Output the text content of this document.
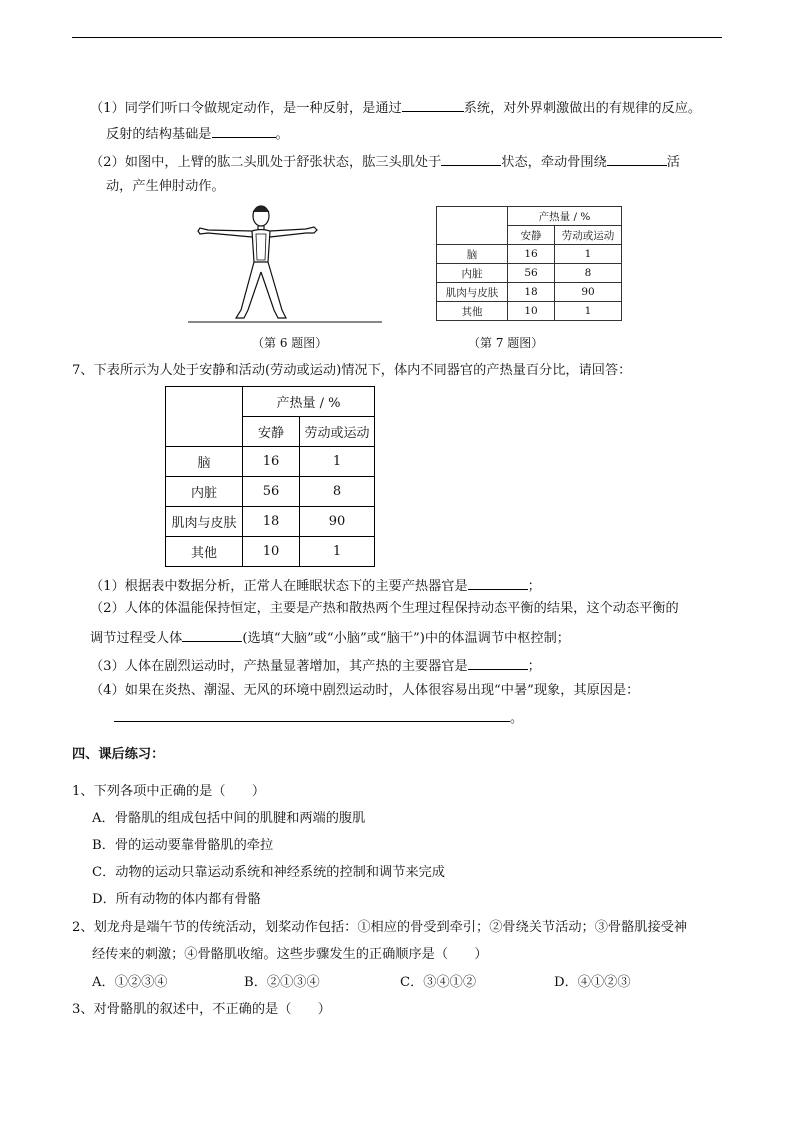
（1）同学们听口令做规定动作，是一种反射，是通过	系统，对外界刺激做出的有规律的反应。
反射的结构基础是	。
（2）如图中，上臂的肱二头肌处于舒张状态，肱三头肌处于	状态，牵动骨围绕	活
动，产生伸肘动作。
（第 6 题图）
	产热量 / %	
	安静	劳动或运动
脑	16	1
内脏	56	8
肌肉与皮肤	18	90
其他	10	1
（第 7 题图）
7、下表所示为人处于安静和活动(劳动或运动)情况下，体内不同器官的产热量百分比，请回答：
	产热量 / %	
	安静	劳动或运动
脑	16	1
内脏	56	8
肌肉与皮肤	18	90
其他	10	1
（1）根据表中数据分析，正常人在睡眠状态下的主要产热器官是	；
（2）人体的体温能保持恒定，主要是产热和散热两个生理过程保持动态平衡的结果，这个动态平衡的
调节过程受人体	(选填“大脑”或“小脑”或“脑干”)中的体温调节中枢控制；
（3）人体在剧烈运动时，产热量显著增加，其产热的主要器官是	；
（4）如果在炎热、潮湿、无风的环境中剧烈运动时，人体很容易出现“中暑”现象，其原因是：
。
四、课后练习：
1、下列各项中正确的是（　　）
A．骨骼肌的组成包括中间的肌腱和两端的腹肌
B．骨的运动要靠骨骼肌的牵拉
C．动物的运动只靠运动系统和神经系统的控制和调节来完成
D．所有动物的体内都有骨骼
2、划龙舟是端午节的传统活动，划桨动作包括：①相应的骨受到牵引；②骨绕关节活动；③骨骼肌接受神
经传来的刺激；④骨骼肌收缩。这些步骤发生的正确顺序是（　　）
A．①②③④	B．②①③④	C．③④①②	D．④①②③
3、对骨骼肌的叙述中，不正确的是（　　）
